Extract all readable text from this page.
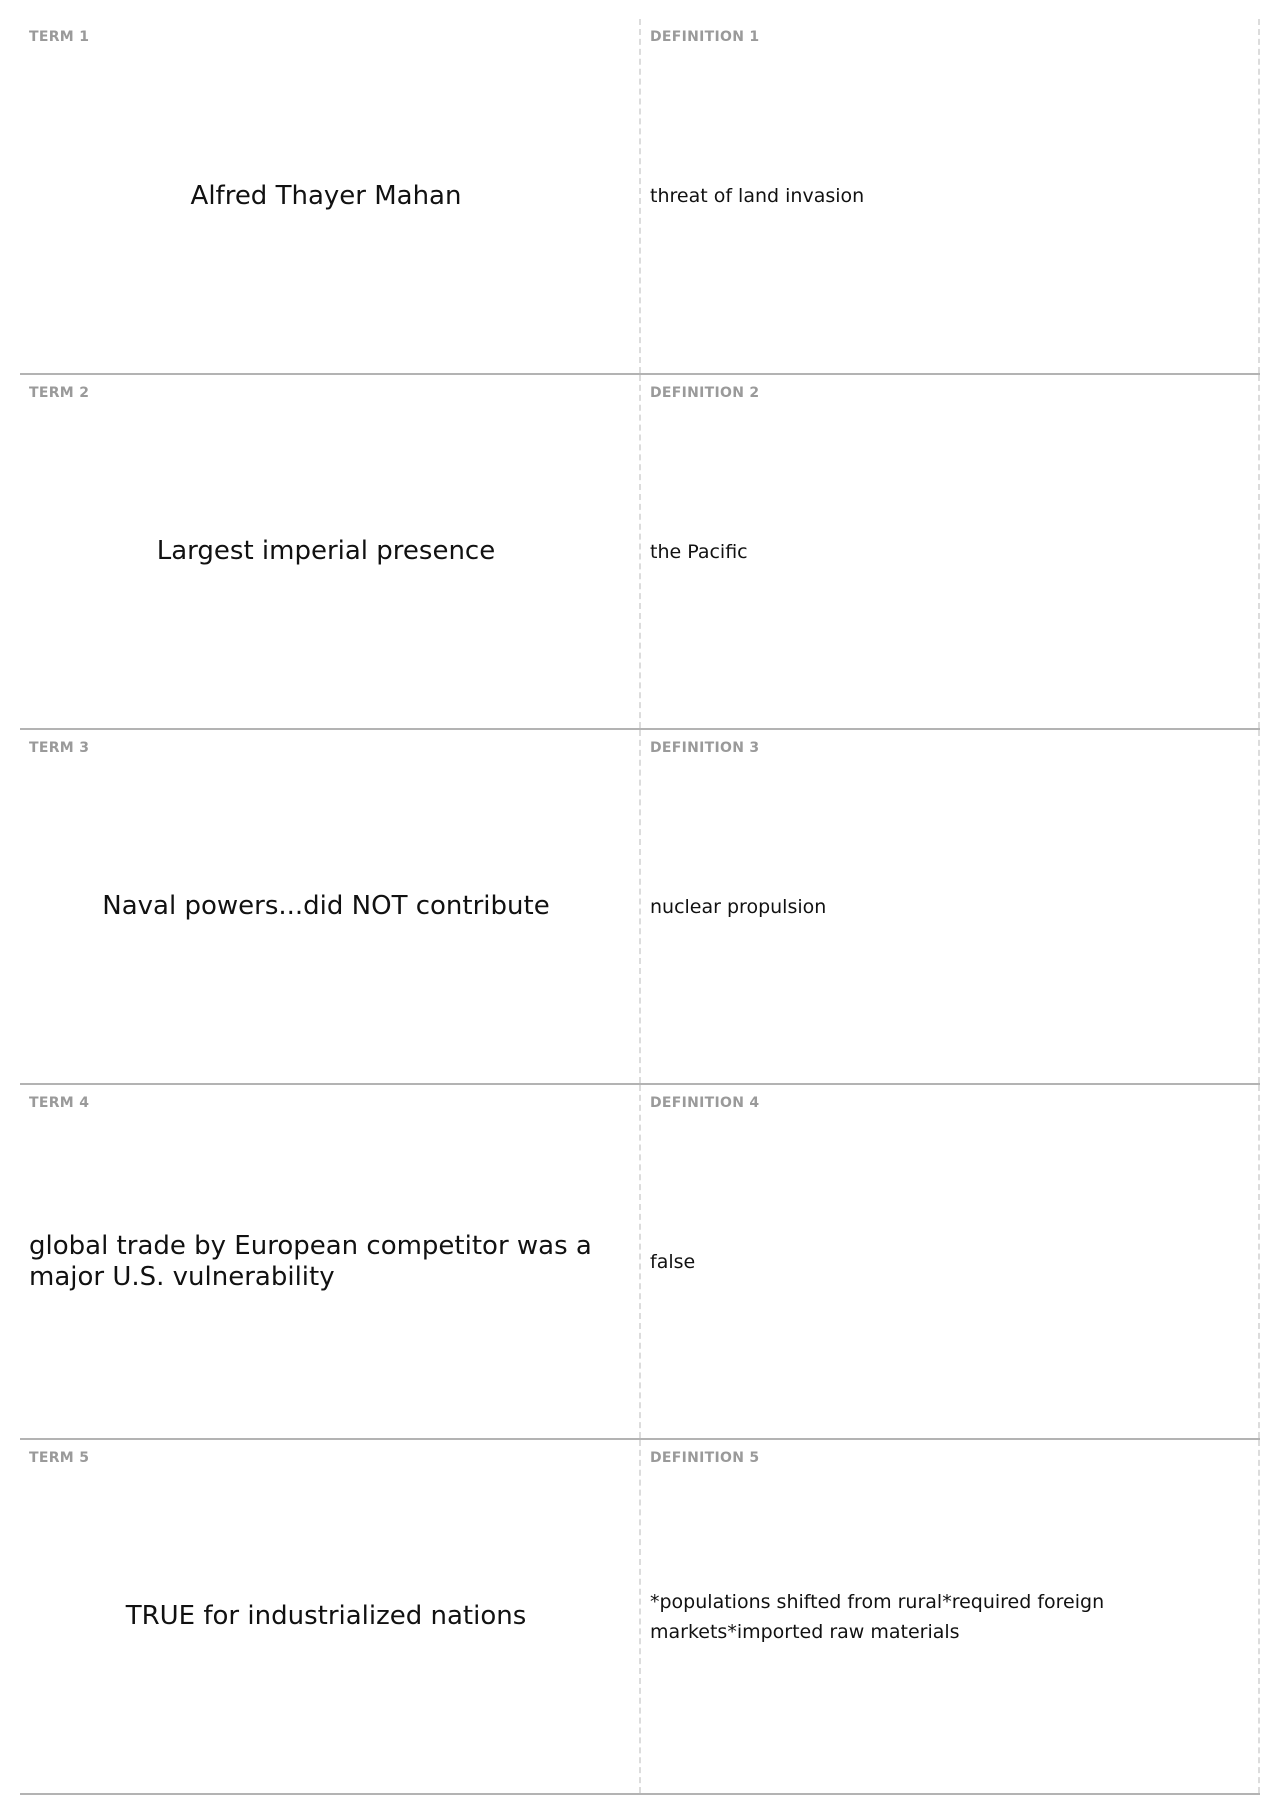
TERM 1
Alfred Thayer Mahan
DEFINITION 1
threat of land invasion
TERM 2
Largest imperial presence
DEFINITION 2
the Pacific
TERM 3
Naval powers...did NOT contribute
DEFINITION 3
nuclear propulsion
TERM 4
global trade by European competitor was a major U.S. vulnerability
DEFINITION 4
false
TERM 5
TRUE for industrialized nations
DEFINITION 5
*populations shifted from rural*required foreign markets*imported raw materials
